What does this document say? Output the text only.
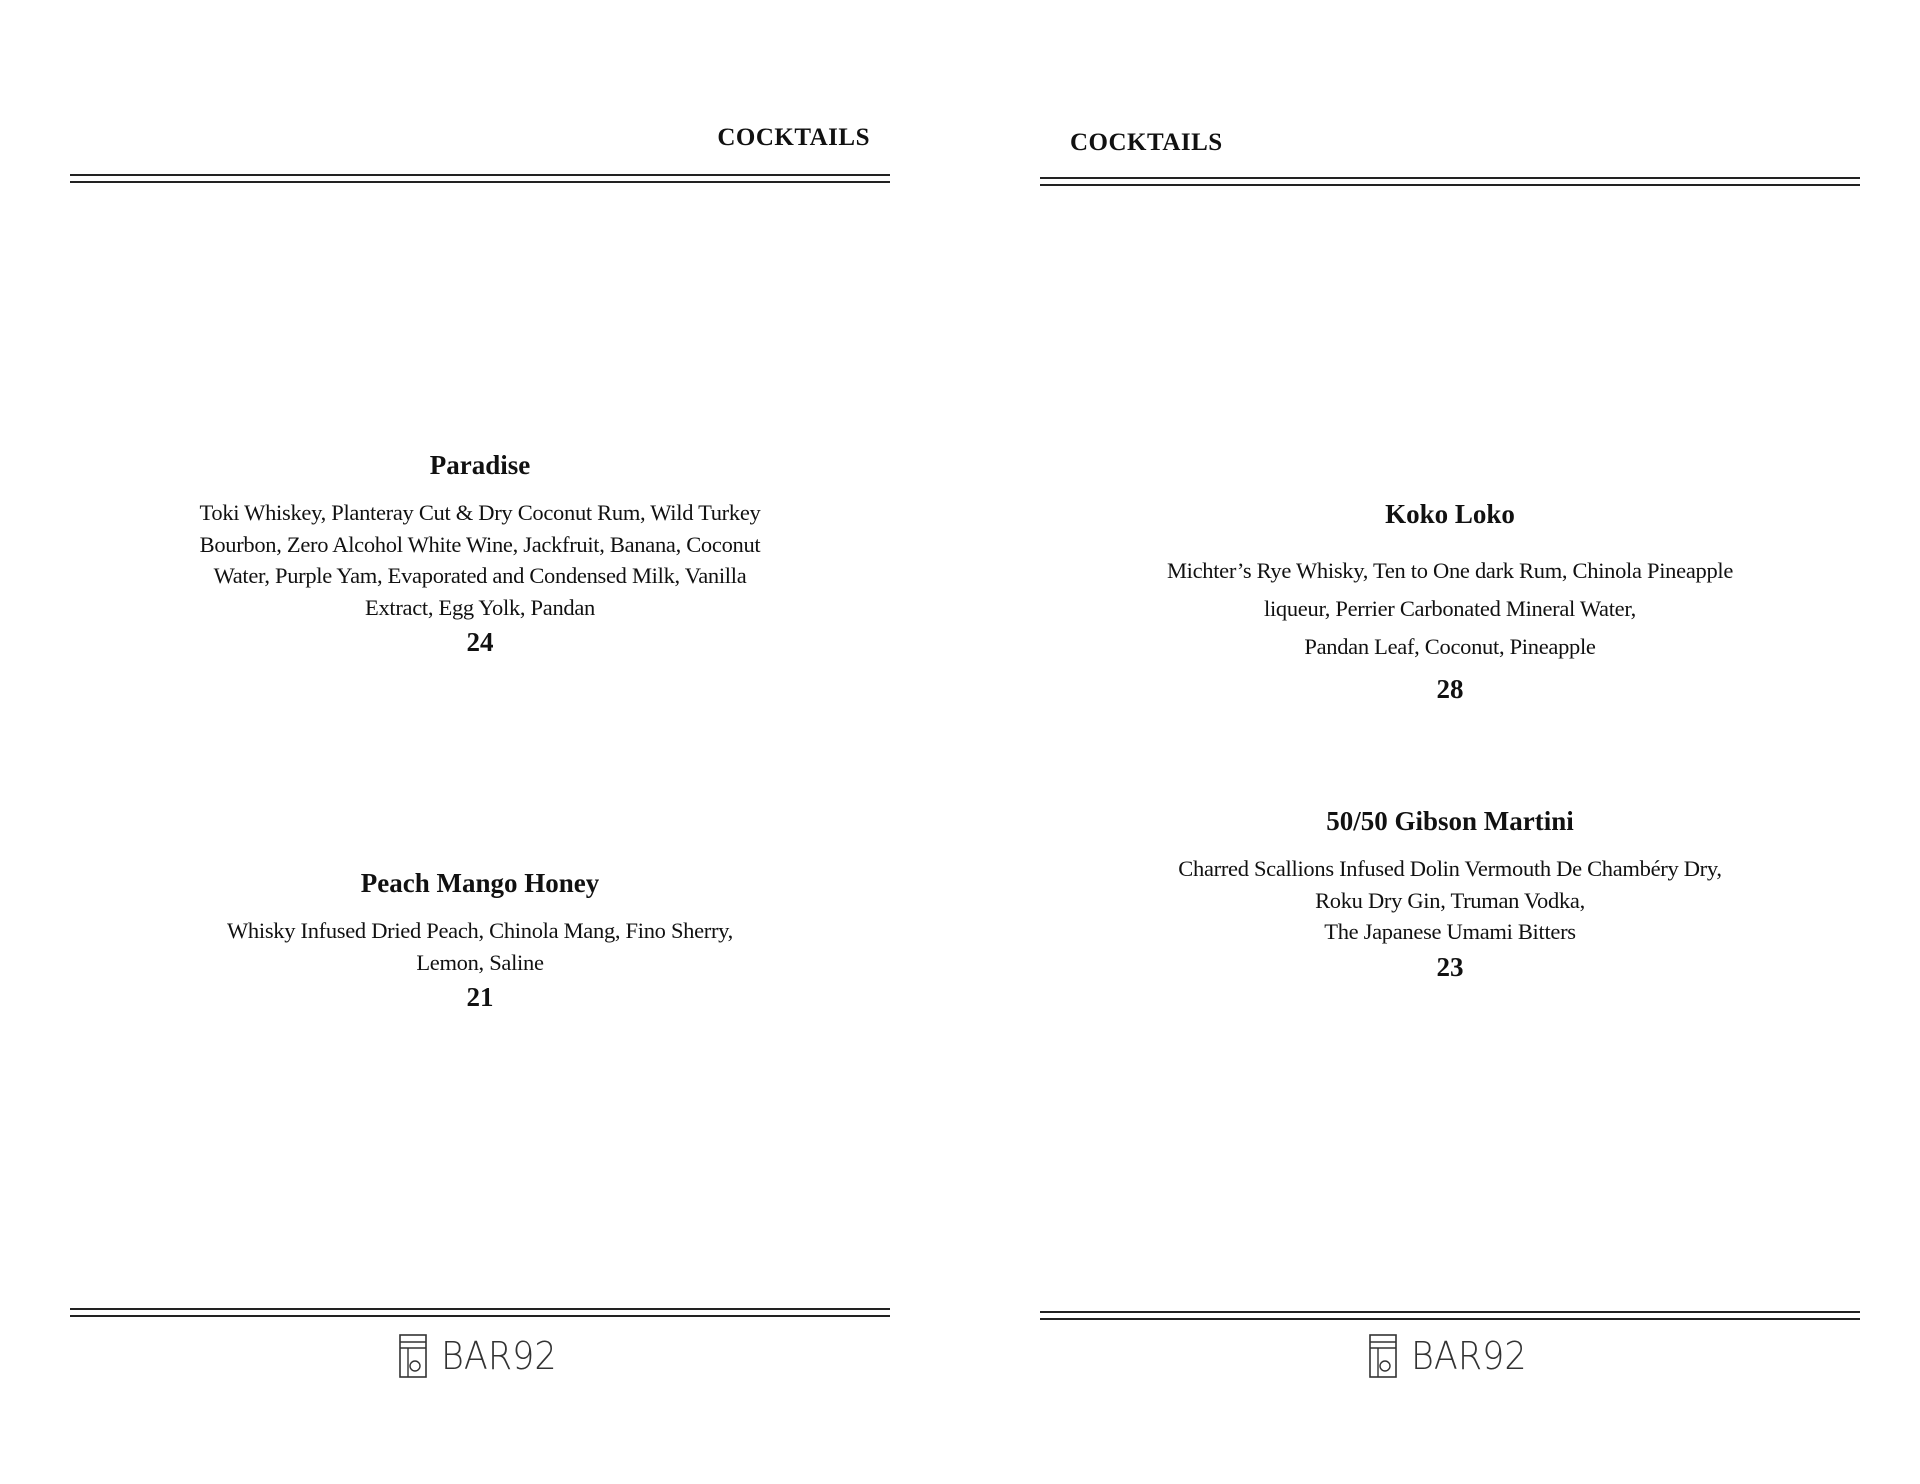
COCKTAILS
Paradise
Toki Whiskey, Planteray Cut & Dry Coconut Rum, Wild Turkey
Bourbon, Zero Alcohol White Wine, Jackfruit, Banana, Coconut
Water, Purple Yam, Evaporated and Condensed Milk, Vanilla
Extract, Egg Yolk, Pandan
24
Peach Mango Honey
Whisky Infused Dried Peach, Chinola Mang, Fino Sherry,
Lemon, Saline
21
BAR92
COCKTAILS
Koko Loko
Michter’s Rye Whisky, Ten to One dark Rum, Chinola Pineapple
liqueur, Perrier Carbonated Mineral Water,
Pandan Leaf, Coconut, Pineapple
28
50/50 Gibson Martini
Charred Scallions Infused Dolin Vermouth De Chambéry Dry,
Roku Dry Gin, Truman Vodka,
The Japanese Umami Bitters
23
BAR92
